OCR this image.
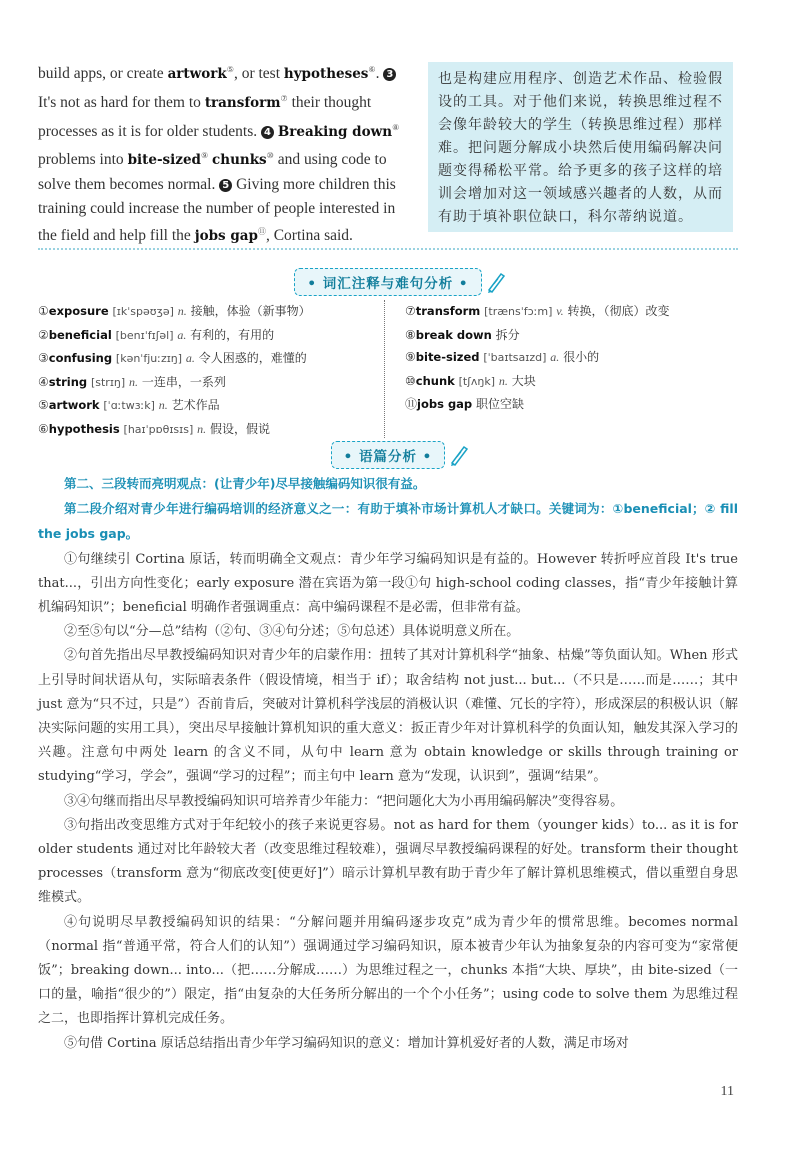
build apps, or create artwork⑤, or test hypotheses⑥. 3 It's not as hard for them to transform⑦ their thought processes as it is for older students. 4 Breaking down⑧ problems into bite-sized⑨ chunks⑩ and using code to solve them becomes normal. 5 Giving more children this training could increase the number of people interested in the field and help fill the jobs gap⑪, Cortina said.
也是构建应用程序、创造艺术作品、检验假设的工具。对于他们来说，转换思维过程不会像年龄较大的学生（转换思维过程）那样难。把问题分解成小块然后使用编码解决问题变得稀松平常。给予更多的孩子这样的培训会增加对这一领域感兴趣者的人数，从而有助于填补职位缺口，科尔蒂纳说道。
• 词汇注释与难句分析 •
①exposure [ɪkˈspəʊʒə] n. 接触，体验（新事物）
②beneficial [benɪˈfɪʃəl] a. 有利的，有用的
③confusing [kənˈfjuːzɪŋ] a. 令人困惑的，难懂的
④string [strɪŋ] n. 一连串，一系列
⑤artwork [ˈɑːtwɜːk] n. 艺术作品
⑥hypothesis [haɪˈpɒθɪsɪs] n. 假设，假说
⑦transform [trænsˈfɔːm] v. 转换，（彻底）改变
⑧break down 拆分
⑨bite-sized [ˈbaɪtsaɪzd] a. 很小的
⑩chunk [tʃʌŋk] n. 大块
⑪jobs gap 职位空缺
• 语篇分析 •

第二、三段转而亮明观点：(让青少年)尽早接触编码知识很有益。

第二段介绍对青少年进行编码培训的经济意义之一：有助于填补市场计算机人才缺口。关键词为：①beneficial；② fill the jobs gap。

①句继续引 Cortina 原话，转而明确全文观点：青少年学习编码知识是有益的。However 转折呼应首段 It's true that...，引出方向性变化；early exposure 潜在宾语为第一段①句 high-school coding classes，指“青少年接触计算机编码知识”；beneficial 明确作者强调重点：高中编码课程不是必需，但非常有益。

②至⑤句以“分—总”结构（②句、③④句分述；⑤句总述）具体说明意义所在。

②句首先指出尽早教授编码知识对青少年的启蒙作用：扭转了其对计算机科学“抽象、枯燥”等负面认知。When 形式上引导时间状语从句，实际暗表条件（假设情境，相当于 if）；取舍结构 not just... but...（不只是……而是……；其中 just 意为“只不过，只是”）否前肯后，突破对计算机科学浅层的消极认识（难懂、冗长的字符），形成深层的积极认识（解决实际问题的实用工具），突出尽早接触计算机知识的重大意义：扳正青少年对计算机科学的负面认知，触发其深入学习的兴趣。注意句中两处 learn 的含义不同，从句中 learn 意为 obtain knowledge or skills through training or studying“学习，学会”，强调“学习的过程”；而主句中 learn 意为“发现，认识到”，强调“结果”。

③④句继而指出尽早教授编码知识可培养青少年能力：“把问题化大为小再用编码解决”变得容易。

③句指出改变思维方式对于年纪较小的孩子来说更容易。not as hard for them（younger kids）to... as it is for older students 通过对比年龄较大者（改变思维过程较难），强调尽早教授编码课程的好处。transform their thought processes（transform 意为“彻底改变[使更好]”）暗示计算机早教有助于青少年了解计算机思维模式，借以重塑自身思维模式。

④句说明尽早教授编码知识的结果：“分解问题并用编码逐步攻克”成为青少年的惯常思维。becomes normal（normal 指“普通平常，符合人们的认知”）强调通过学习编码知识，原本被青少年认为抽象复杂的内容可变为“家常便饭”；breaking down... into...（把……分解成……）为思维过程之一，chunks 本指“大块、厚块”，由 bite-sized（一口的量，喻指“很少的”）限定，指“由复杂的大任务所分解出的一个个小任务”；using code to solve them 为思维过程之二，也即指挥计算机完成任务。

⑤句借 Cortina 原话总结指出青少年学习编码知识的意义：增加计算机爱好者的人数，满足市场对

11
